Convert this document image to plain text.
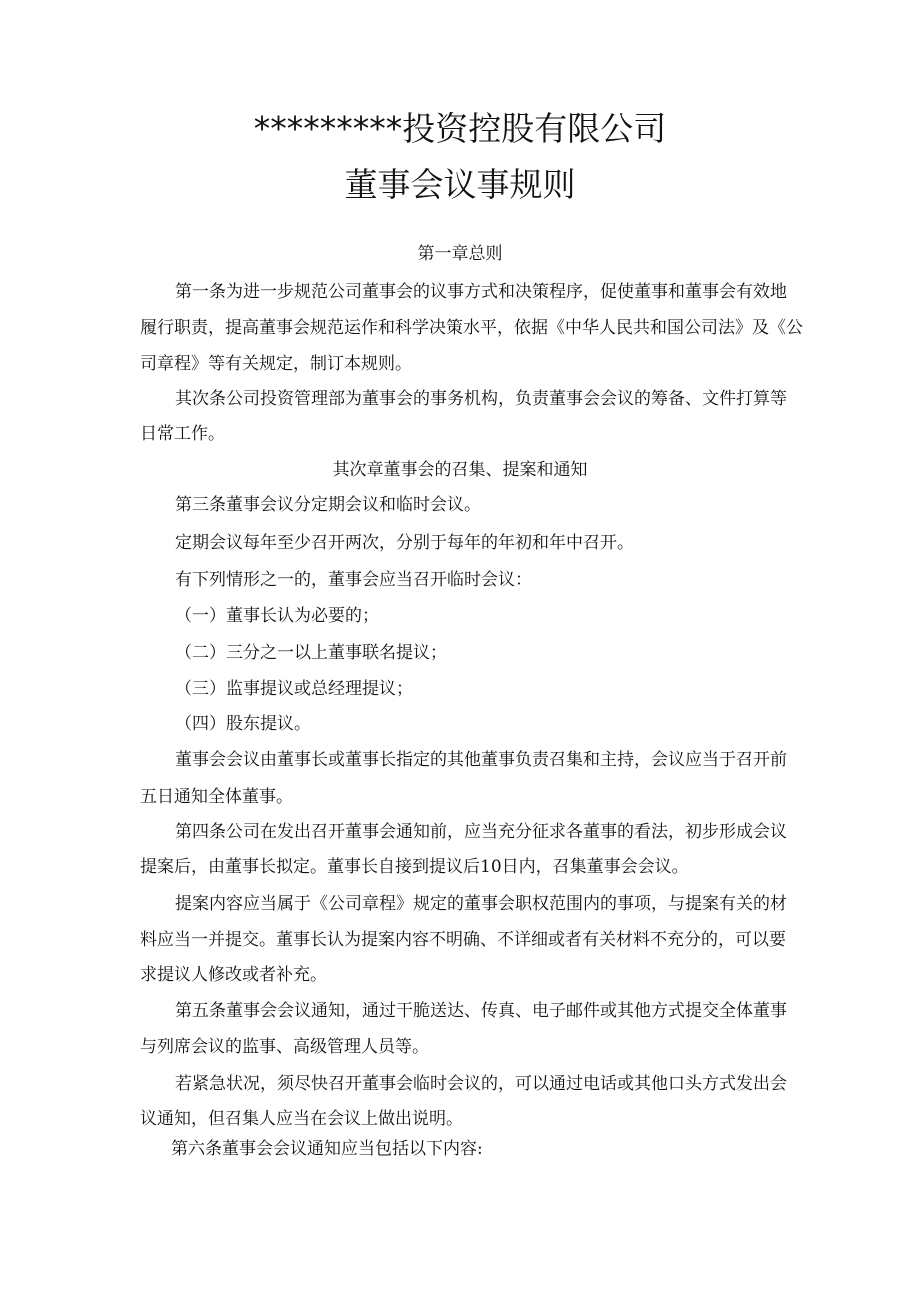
*********投资控股有限公司
董事会议事规则
第一章总则
第一条为进一步规范公司董事会的议事方式和决策程序，促使董事和董事会有效地
履行职责，提高董事会规范运作和科学决策水平，依据《中华人民共和国公司法》及《公
司章程》等有关规定，制订本规则。
其次条公司投资管理部为董事会的事务机构，负责董事会会议的筹备、文件打算等
日常工作。
其次章董事会的召集、提案和通知
第三条董事会议分定期会议和临时会议。
定期会议每年至少召开两次，分别于每年的年初和年中召开。
有下列情形之一的，董事会应当召开临时会议：
（一）董事长认为必要的；
（二）三分之一以上董事联名提议；
（三）监事提议或总经理提议；
（四）股东提议。
董事会会议由董事长或董事长指定的其他董事负责召集和主持，会议应当于召开前
五日通知全体董事。
第四条公司在发出召开董事会通知前，应当充分征求各董事的看法，初步形成会议
提案后，由董事长拟定。董事长自接到提议后10日内，召集董事会会议。
提案内容应当属于《公司章程》规定的董事会职权范围内的事项，与提案有关的材
料应当一并提交。董事长认为提案内容不明确、不详细或者有关材料不充分的，可以要
求提议人修改或者补充。
第五条董事会会议通知，通过干脆送达、传真、电子邮件或其他方式提交全体董事
与列席会议的监事、高级管理人员等。
若紧急状况，须尽快召开董事会临时会议的，可以通过电话或其他口头方式发出会
议通知，但召集人应当在会议上做出说明。
第六条董事会会议通知应当包括以下内容:
